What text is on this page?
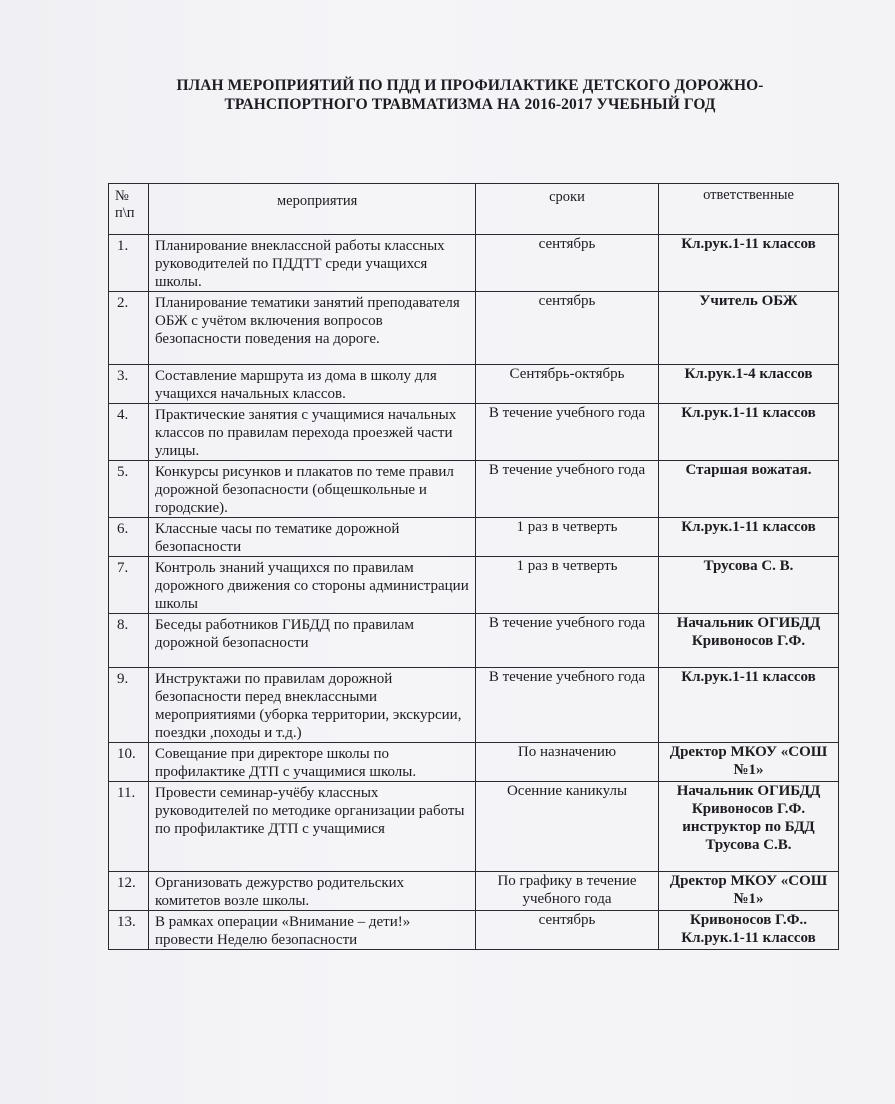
ПЛАН МЕРОПРИЯТИЙ ПО ПДД И ПРОФИЛАКТИКЕ ДЕТСКОГО ДОРОЖНО-
ТРАНСПОРТНОГО ТРАВМАТИЗМА НА 2016-2017 УЧЕБНЫЙ ГОД
№ п\п	мероприятия	сроки	ответственные
1.	Планирование внеклассной работы классных руководителей по ПДДТТ среди учащихся школы.	сентябрь	Кл.рук.1-11 классов
2.	Планирование тематики занятий преподавателя ОБЖ с учётом включения вопросов безопасности поведения на дороге.	сентябрь	Учитель ОБЖ
3.	Составление маршрута из дома в школу для учащихся начальных классов.	Сентябрь-октябрь	Кл.рук.1-4 классов
4.	Практические занятия с учащимися начальных классов по правилам перехода проезжей части улицы.	В течение учебного года	Кл.рук.1-11 классов
5.	Конкурсы рисунков и плакатов по теме правил дорожной безопасности (общешкольные и городские).	В течение учебного года	Старшая вожатая.
6.	Классные часы по тематике дорожной безопасности	1 раз в четверть	Кл.рук.1-11 классов
7.	Контроль знаний учащихся по правилам дорожного движения со стороны администрации школы	1 раз в четверть	Трусова С. В.
8.	Беседы работников ГИБДД по правилам дорожной безопасности	В течение учебного года	Начальник ОГИБДД Кривоносов Г.Ф.
9.	Инструктажи по правилам дорожной безопасности перед внеклассными мероприятиями (уборка территории, экскурсии, поездки ,походы и т.д.)	В течение учебного года	Кл.рук.1-11 классов
10.	Совещание при директоре школы по профилактике ДТП с учащимися школы.	По назначению	Дректор МКОУ «СОШ №1»
11.	Провести семинар-учёбу классных руководителей по методике организации работы по профилактике ДТП с учащимися	Осенние каникулы	Начальник ОГИБДД Кривоносов Г.Ф. инструктор по БДД Трусова С.В.
12.	Организовать дежурство родительских комитетов возле школы.	По графику в течение учебного года	Дректор МКОУ «СОШ №1»
13.	В рамках операции «Внимание – дети!» провести Неделю безопасности	сентябрь	Кривоносов Г.Ф.. Кл.рук.1-11 классов
